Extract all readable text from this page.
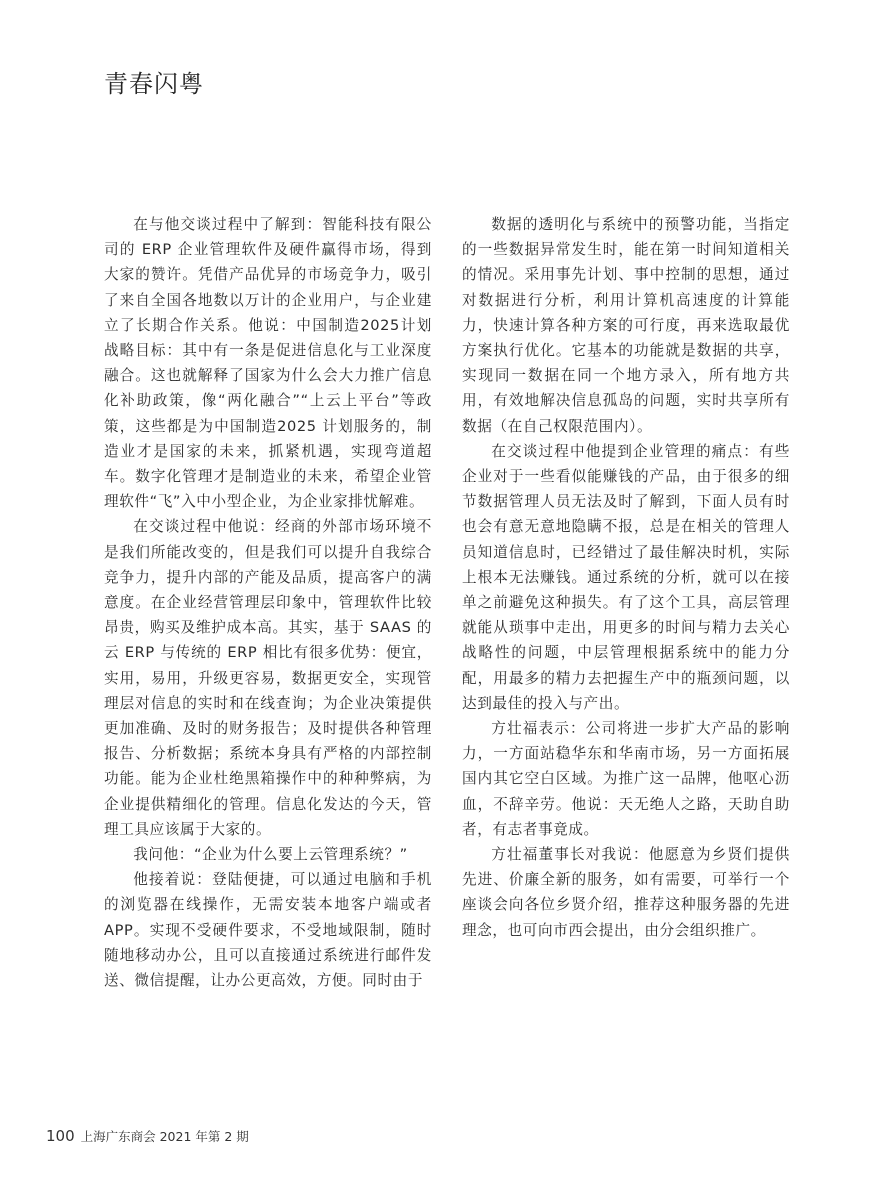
青春闪粤

在与他交谈过程中了解到：智能科技有限公司的 ERP 企业管理软件及硬件赢得市场，得到大家的赞许。凭借产品优异的市场竞争力，吸引了来自全国各地数以万计的企业用户，与企业建立了长期合作关系。他说：中国制造2025计划战略目标：其中有一条是促进信息化与工业深度融合。这也就解释了国家为什么会大力推广信息化补助政策，像“两化融合”“上云上平台”等政策，这些都是为中国制造2025 计划服务的，制造业才是国家的未来，抓紧机遇，实现弯道超车。数字化管理才是制造业的未来，希望企业管理软件“飞”入中小型企业，为企业家排忧解难。

在交谈过程中他说：经商的外部市场环境不是我们所能改变的，但是我们可以提升自我综合竞争力，提升内部的产能及品质，提高客户的满意度。在企业经营管理层印象中，管理软件比较昂贵，购买及维护成本高。其实，基于 SAAS 的云 ERP 与传统的 ERP 相比有很多优势：便宜，实用，易用，升级更容易，数据更安全，实现管理层对信息的实时和在线查询；为企业决策提供更加准确、及时的财务报告；及时提供各种管理报告、分析数据；系统本身具有严格的内部控制功能。能为企业杜绝黑箱操作中的种种弊病，为企业提供精细化的管理。信息化发达的今天，管理工具应该属于大家的。

我问他：“企业为什么要上云管理系统？”

他接着说：登陆便捷，可以通过电脑和手机的浏览器在线操作，无需安装本地客户端或者APP。实现不受硬件要求，不受地域限制，随时随地移动办公，且可以直接通过系统进行邮件发送、微信提醒，让办公更高效，方便。同时由于

数据的透明化与系统中的预警功能，当指定的一些数据异常发生时，能在第一时间知道相关的情况。采用事先计划、事中控制的思想，通过对数据进行分析，利用计算机高速度的计算能力，快速计算各种方案的可行度，再来选取最优方案执行优化。它基本的功能就是数据的共享，实现同一数据在同一个地方录入，所有地方共用，有效地解决信息孤岛的问题，实时共享所有数据（在自己权限范围内）。

在交谈过程中他提到企业管理的痛点：有些企业对于一些看似能赚钱的产品，由于很多的细节数据管理人员无法及时了解到，下面人员有时也会有意无意地隐瞒不报，总是在相关的管理人员知道信息时，已经错过了最佳解决时机，实际上根本无法赚钱。通过系统的分析，就可以在接单之前避免这种损失。有了这个工具，高层管理就能从琐事中走出，用更多的时间与精力去关心战略性的问题，中层管理根据系统中的能力分配，用最多的精力去把握生产中的瓶颈问题，以达到最佳的投入与产出。

方壮福表示：公司将进一步扩大产品的影响力，一方面站稳华东和华南市场，另一方面拓展国内其它空白区域。为推广这一品牌，他呕心沥血，不辞辛劳。他说：天无绝人之路，天助自助者，有志者事竟成。

方壮福董事长对我说：他愿意为乡贤们提供先进、价廉全新的服务，如有需要，可举行一个座谈会向各位乡贤介绍，推荐这种服务器的先进理念，也可向市西会提出，由分会组织推广。

100 上海广东商会 2021 年第 2 期
